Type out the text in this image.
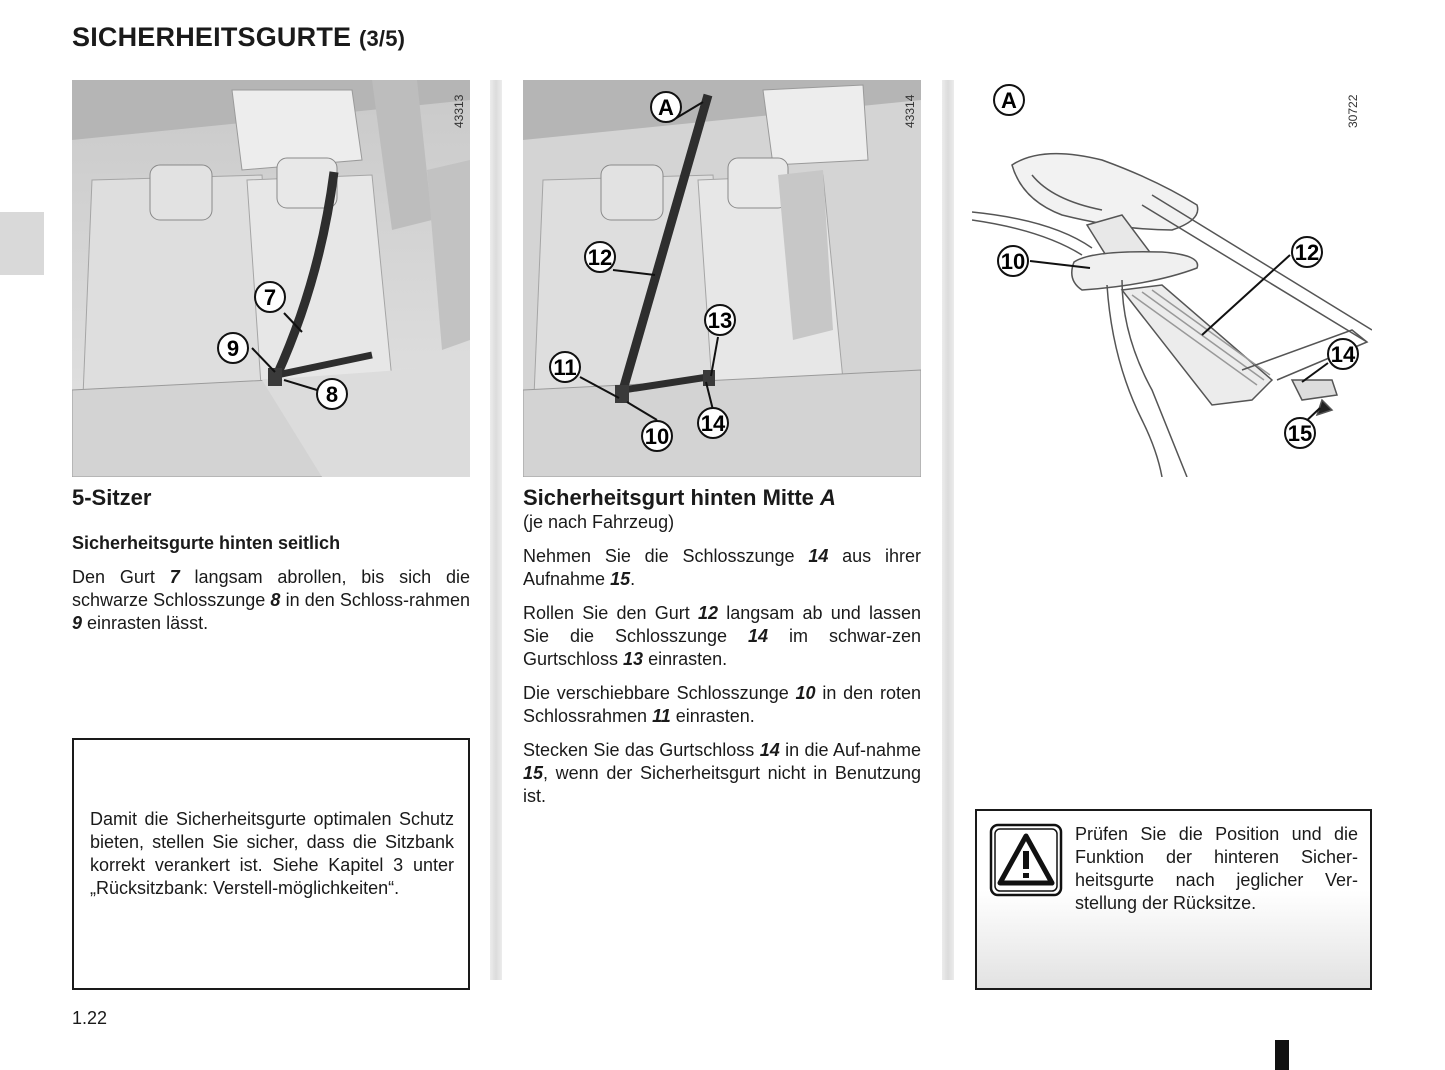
SICHERHEITSGURTE (3/5)
43313
7
9
8
43314
A
12
13
11
10
14
30722
A
10	12
14
15
5-Sitzer
Sicherheitsgurte hinten seitlich

Den Gurt 7 langsam abrollen, bis sich die schwarze Schlosszunge 8 in den Schloss-rahmen 9 einrasten lässt.

Damit die Sicherheitsgurte optimalen Schutz bieten, stellen Sie sicher, dass die Sitzbank korrekt verankert ist. Siehe Kapitel 3 unter „Rücksitzbank: Verstell-möglichkeiten“.

Sicherheitsgurt hinten Mitte A
(je nach Fahrzeug)

Nehmen Sie die Schlosszunge 14 aus ihrer Aufnahme 15.

Rollen Sie den Gurt 12 langsam ab und lassen Sie die Schlosszunge 14 im schwar-zen Gurtschloss 13 einrasten.

Die verschiebbare Schlosszunge 10 in den roten Schlossrahmen 11 einrasten.

Stecken Sie das Gurtschloss 14 in die Auf-nahme 15, wenn der Sicherheitsgurt nicht in Benutzung ist.

Prüfen Sie die Position und die Funktion der hinteren Sicher-heitsgurte nach jeglicher Ver-stellung der Rücksitze.

1.22
